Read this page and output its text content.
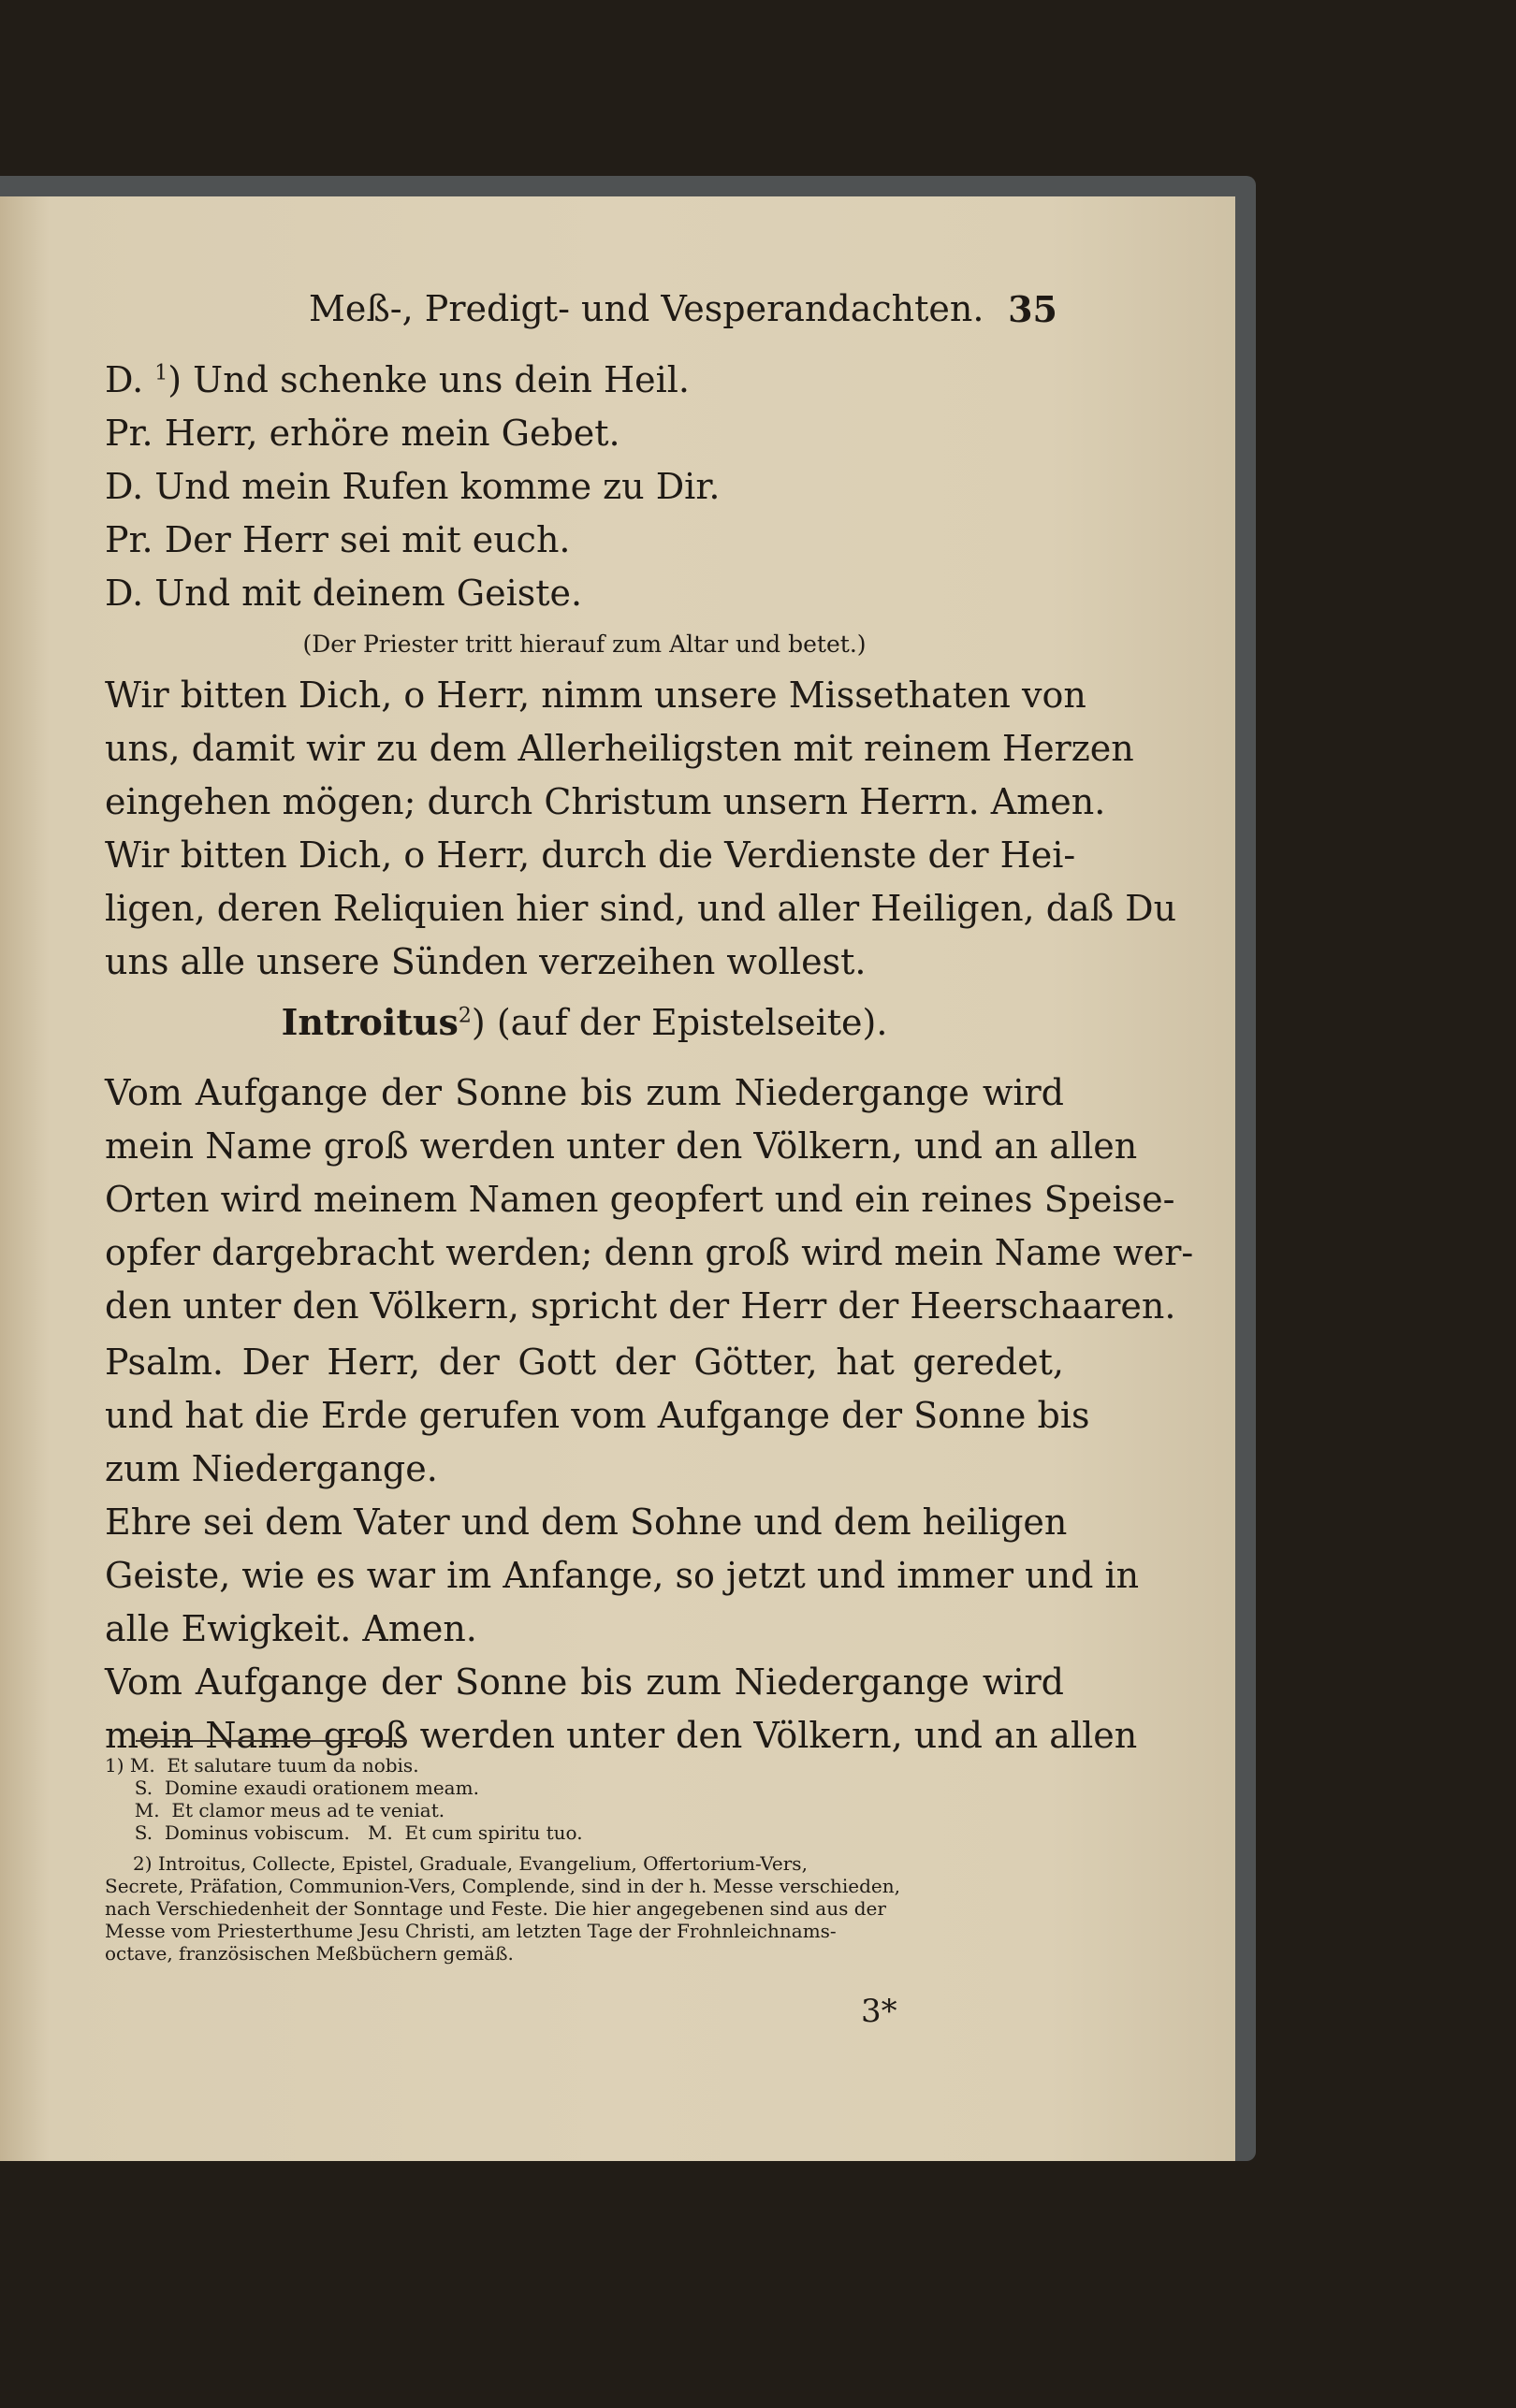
Meß-, Predigt- und Vesperandachten. 35
D. $^1$) Und schenke uns dein Heil.
Pr. Herr, erhöre mein Gebet.
D. Und mein Rufen komme zu Dir.
Pr. Der Herr sei mit euch.
D. Und mit deinem Geiste.
(Der Priester tritt hierauf zum Altar und betet.)
Wir bitten Dich, o Herr, nimm unsere Missethaten von
uns, damit wir zu dem Allerheiligsten mit reinem Herzen
eingehen mögen; durch Christum unsern Herrn. Amen.
Wir bitten Dich, o Herr, durch die Verdienste der Hei-
ligen, deren Reliquien hier sind, und aller Heiligen, daß Du
uns alle unsere Sünden verzeihen wollest.
Introitus$^2$) (auf der Epistelseite).
Vom Aufgange der Sonne bis zum Niedergange wird
mein Name groß werden unter den Völkern, und an allen
Orten wird meinem Namen geopfert und ein reines Speise-
opfer dargebracht werden; denn groß wird mein Name wer-
den unter den Völkern, spricht der Herr der Heerschaaren.
Psalm. Der Herr, der Gott der Götter, hat geredet,
und hat die Erde gerufen vom Aufgange der Sonne bis
zum Niedergange.
Ehre sei dem Vater und dem Sohne und dem heiligen
Geiste, wie es war im Anfange, so jetzt und immer und in
alle Ewigkeit. Amen.
Vom Aufgange der Sonne bis zum Niedergange wird
mein Name groß werden unter den Völkern, und an allen
1) M.  Et salutare tuum da nobis.
S.  Domine exaudi orationem meam.
M.  Et clamor meus ad te veniat.
S.  Dominus vobiscum.   M.  Et cum spiritu tuo.
2) Introitus, Collecte, Epistel, Graduale, Evangelium, Offertorium-Vers,
Secrete, Präfation, Communion-Vers, Complende, sind in der h. Messe verschieden,
nach Verschiedenheit der Sonntage und Feste. Die hier angegebenen sind aus der
Messe vom Priesterthume Jesu Christi, am letzten Tage der Frohnleichnams-
octave, französischen Meßbüchern gemäß.
3*
